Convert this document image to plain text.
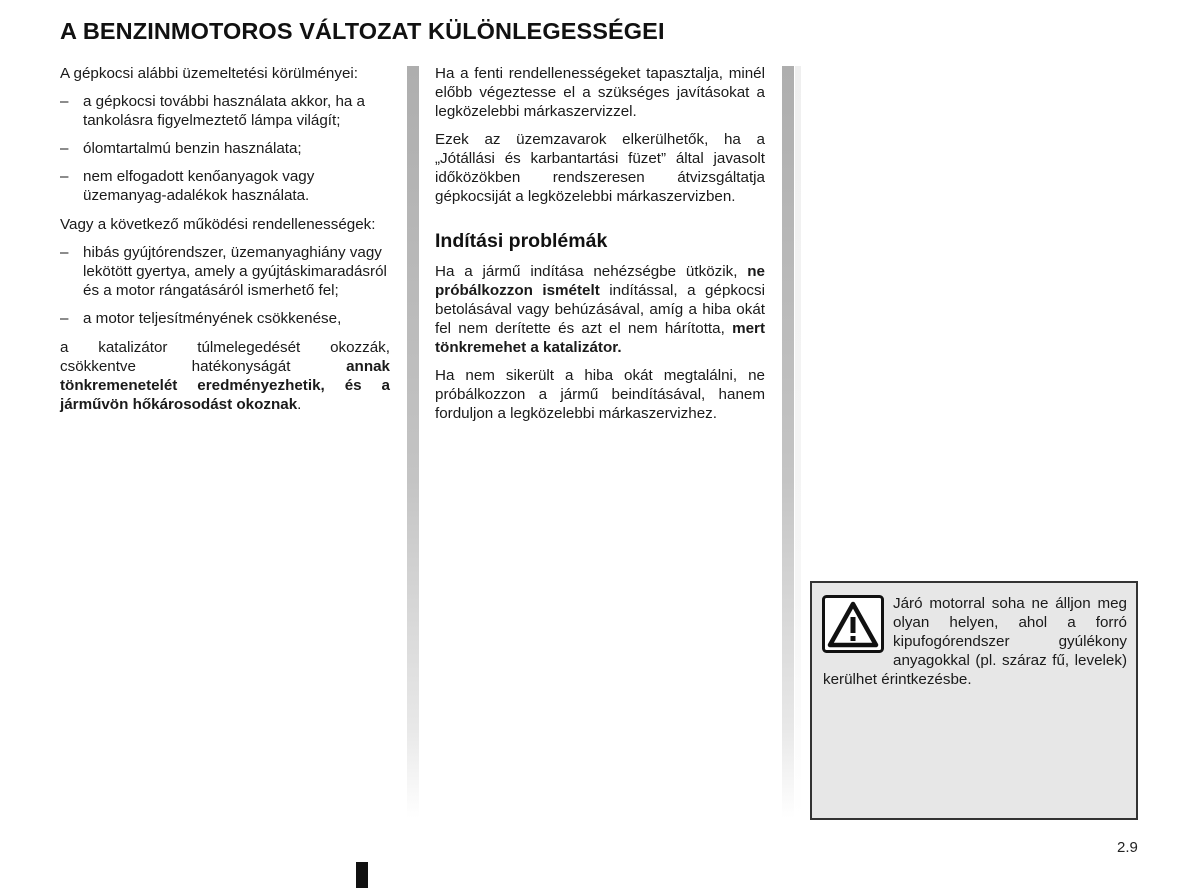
A BENZINMOTOROS VÁLTOZAT KÜLÖNLEGESSÉGEI

A gépkocsi alábbi üzemeltetési körülményei:

– a gépkocsi további használata akkor, ha a tankolásra figyelmeztető lámpa világít;
– ólomtartalmú benzin használata;
– nem elfogadott kenőanyagok vagy üzemanyag-adalékok használata.

Vagy a következő működési rendellenességek:

– hibás gyújtórendszer, üzemanyaghiány vagy lekötött gyertya, amely a gyújtáskimaradásról és a motor rángatásáról ismerhető fel;
– a motor teljesítményének csökkenése,

a katalizátor túlmelegedését okozzák, csökkentve hatékonyságát annak tönkremenetelét eredményezhetik, és a járművön hőkárosodást okoznak.

Ha a fenti rendellenességeket tapasztalja, minél előbb végeztesse el a szükséges javításokat a legközelebbi márkaszervizzel.

Ezek az üzemzavarok elkerülhetők, ha a „Jótállási és karbantartási füzet” által javasolt időközökben rendszeresen átvizsgáltatja gépkocsiját a legközelebbi márkaszervizben.

Indítási problémák

Ha a jármű indítása nehézségbe ütközik, ne próbálkozzon ismételt indítással, a gépkocsi betolásával vagy behúzásával, amíg a hiba okát fel nem derítette és azt el nem hárította, mert tönkremehet a katalizátor.

Ha nem sikerült a hiba okát megtalálni, ne próbálkozzon a jármű beindításával, hanem forduljon a legközelebbi márkaszervizhez.

Járó motorral soha ne álljon meg olyan helyen, ahol a forró kipufogórendszer gyúlékony anyagokkal (pl. száraz fű, levelek) kerülhet érintkezésbe.
2.9
